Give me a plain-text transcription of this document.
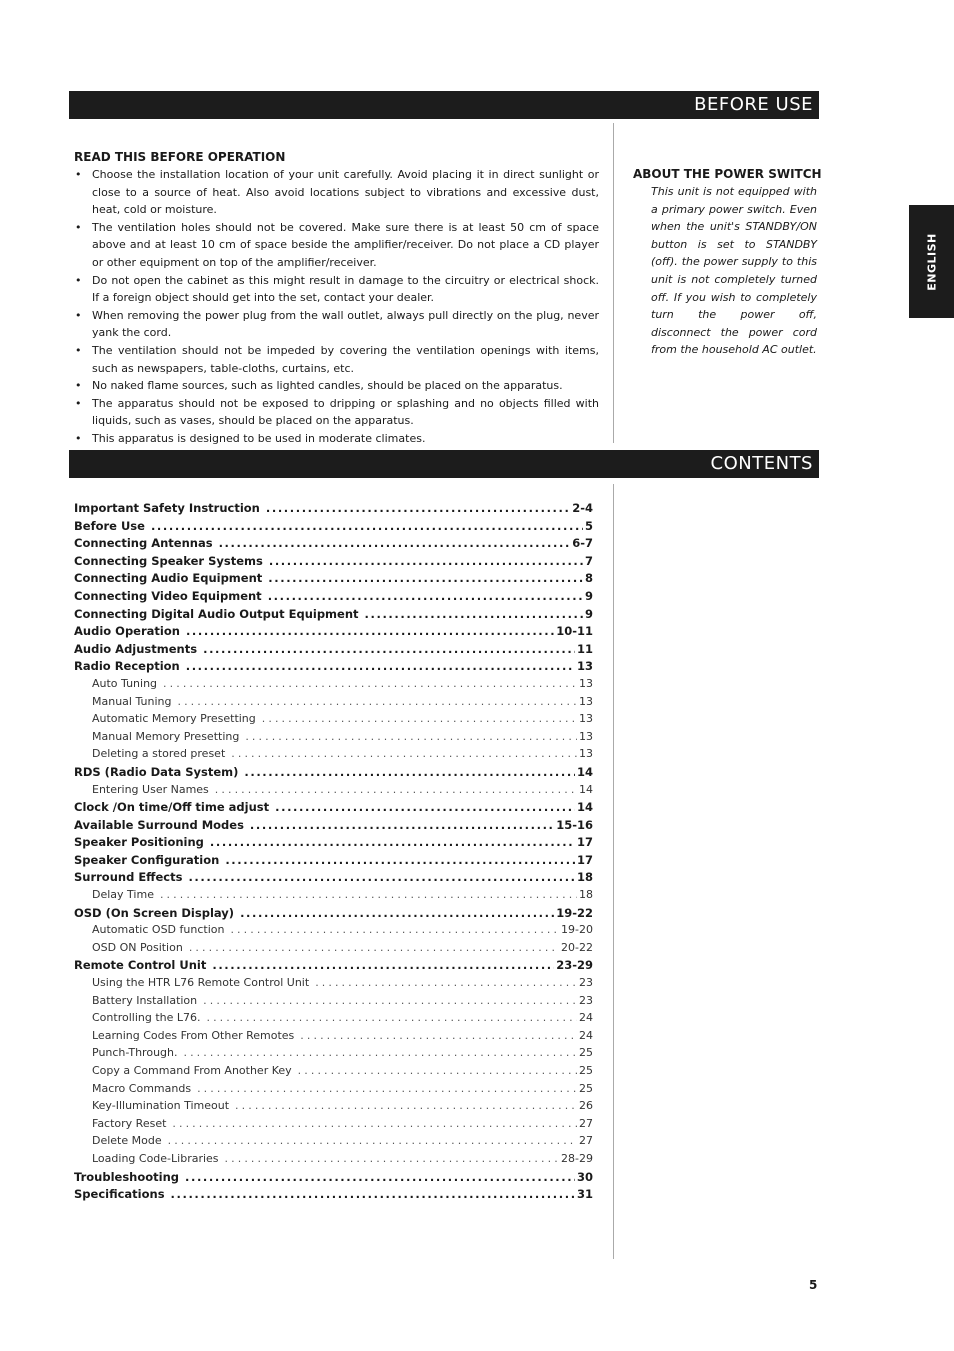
BEFORE USE
READ THIS BEFORE OPERATION
• Choose the installation location of your unit carefully. Avoid placing it in direct sunlight or close to a source of heat. Also avoid locations subject to vibrations and excessive dust, heat, cold or moisture.
• The ventilation holes should not be covered. Make sure there is at least 50 cm of space above and at least 10 cm of space beside the amplifier/receiver. Do not place a CD player or other equipment on top of the amplifier/receiver.
• Do not open the cabinet as this might result in damage to the circuitry or electrical shock. If a foreign object should get into the set, contact your dealer.
• When removing the power plug from the wall outlet, always pull directly on the plug, never yank the cord.
• The ventilation should not be impeded by covering the ventilation openings with items, such as newspapers, table-cloths, curtains, etc.
• No naked flame sources, such as lighted candles, should be placed on the apparatus.
• The apparatus should not be exposed to dripping or splashing and no objects filled with liquids, such as vases, should be placed on the apparatus.
• This apparatus is designed to be used in moderate climates.
ABOUT THE POWER SWITCH

This unit is not equipped with a primary power switch. Even when the unit's STANDBY/ON button is set to STANDBY (off). the power supply to this unit is not completely turned off. If you wish to completely turn the power off, disconnect the power cord from the household AC outlet.

CONTENTS
Important Safety Instruction . . .	2-4
Before Use . . .	5
Connecting Antennas . . .	6-7
Connecting Speaker Systems . . .	7
Connecting Audio Equipment . . .	8
Connecting Video Equipment . . .	9
Connecting Digital Audio Output Equipment . . .	9
Audio Operation . . .	10-11
Audio Adjustments . . .	11
Radio Reception . . .	13
Auto Tuning . . .	13
Manual Tuning . . .	13
Automatic Memory Presetting . . .	13
Manual Memory Presetting . . .	13
Deleting a stored preset . . .	13
RDS (Radio Data System) . . .	14
Entering User Names . . .	14
Clock /On time/Off time adjust . . .	14
Available Surround Modes . . .	15-16
Speaker Positioning . . .	17
Speaker Configuration . . .	17
Surround Effects . . .	18
Delay Time . . .	18
OSD (On Screen Display) . . .	19-22
Automatic OSD function . . .	19-20
OSD ON Position . . .	20-22
Remote Control Unit . . .	23-29
Using the HTR L76 Remote Control Unit . . .	23
Battery Installation . . .	23
Controlling the L76. . . .	24
Learning Codes From Other Remotes . . .	24
Punch-Through. . . .	25
Copy a Command From Another Key . . .	25
Macro Commands . . .	25
Key-Illumination Timeout . . .	26
Factory Reset . . .	27
Delete Mode . . .	27
Loading Code-Libraries . . .	28-29
Troubleshooting . . .	30
Specifications . . .	31
ENGLISH
5
